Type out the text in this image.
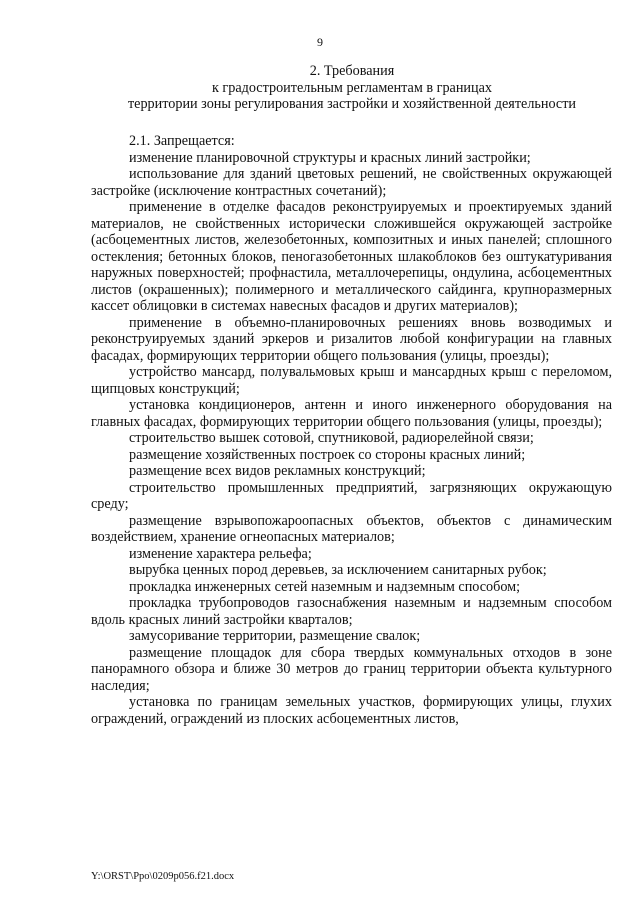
9
2. Требования
к градостроительным регламентам в границах
территории зоны регулирования застройки и хозяйственной деятельности

2.1. Запрещается:

изменение планировочной структуры и красных линий застройки;

использование для зданий цветовых решений, не свойственных окружающей застройке (исключение контрастных сочетаний);

применение в отделке фасадов реконструируемых и проектируемых зданий материалов, не свойственных исторически сложившейся окружающей застройке (асбоцементных листов, железобетонных, композитных и иных панелей; сплошного остекления; бетонных блоков, пеногазобетонных шлакоблоков без оштукатуривания наружных поверхностей; профнастила, металлочерепицы, ондулина, асбоцементных листов (окрашенных); полимерного и металлического сайдинга, крупноразмерных кассет облицовки в системах навесных фасадов и других материалов);

применение в объемно-планировочных решениях вновь возводимых и реконструируемых зданий эркеров и ризалитов любой конфигурации на главных фасадах, формирующих территории общего пользования (улицы, проезды);

устройство мансард, полувальмовых крыш и мансардных крыш с переломом, щипцовых конструкций;

установка кондиционеров, антенн и иного инженерного оборудования на главных фасадах, формирующих территории общего пользования (улицы, проезды);

строительство вышек сотовой, спутниковой, радиорелейной связи;

размещение хозяйственных построек со стороны красных линий;

размещение всех видов рекламных конструкций;

строительство промышленных предприятий, загрязняющих окружающую среду;

размещение взрывопожароопасных объектов, объектов с динамическим воздействием, хранение огнеопасных материалов;

изменение характера рельефа;

вырубка ценных пород деревьев, за исключением санитарных рубок;

прокладка инженерных сетей наземным и надземным способом;

прокладка трубопроводов газоснабжения наземным и надземным способом вдоль красных линий застройки кварталов;

замусоривание территории, размещение свалок;

размещение площадок для сбора твердых коммунальных отходов в зоне панорамного обзора и ближе 30 метров до границ территории объекта культурного наследия;

установка по границам земельных участков, формирующих улицы, глухих ограждений, ограждений из плоских асбоцементных листов,

Y:\ORST\Ppo\0209p056.f21.docx
